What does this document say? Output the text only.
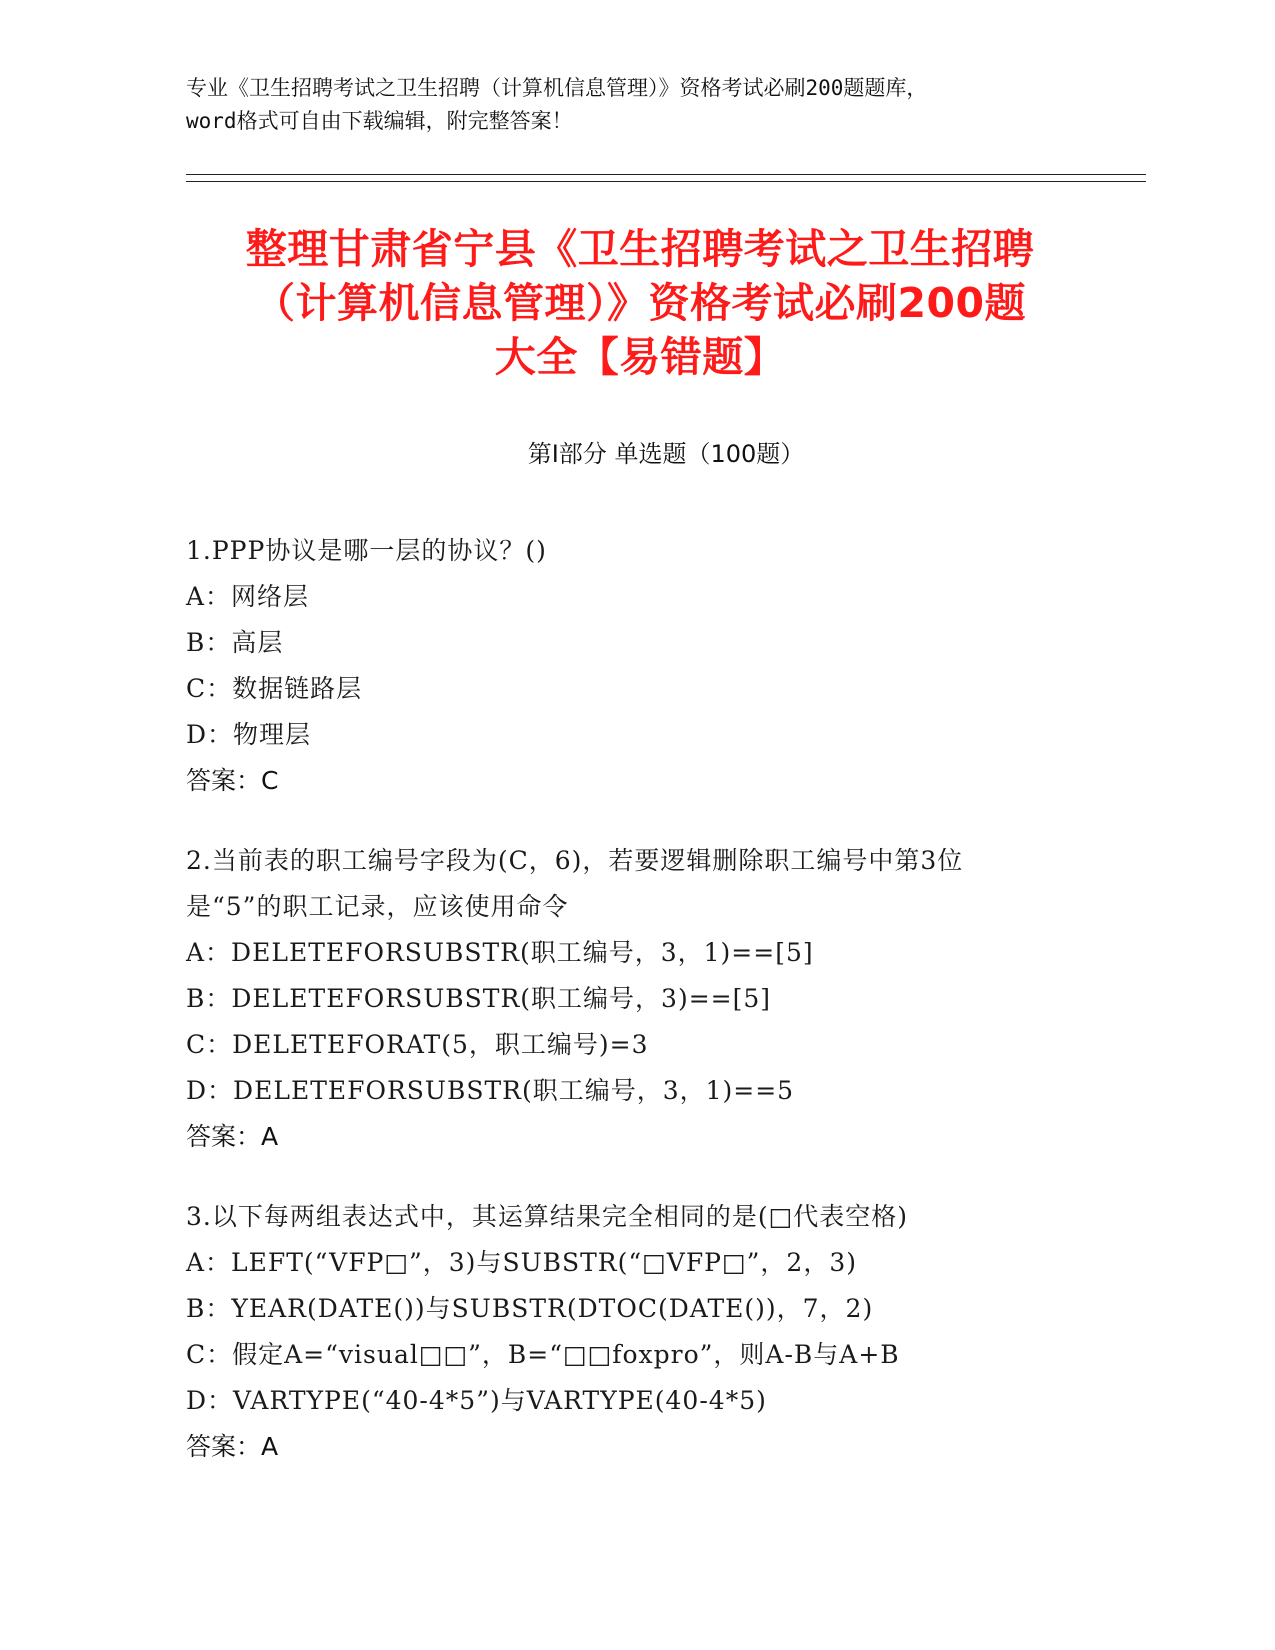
专业《卫生招聘考试之卫生招聘（计算机信息管理）》资格考试必刷200题题库，
word格式可自由下载编辑，附完整答案！
整理甘肃省宁县《卫生招聘考试之卫生招聘
（计算机信息管理）》资格考试必刷200题
大全【易错题】
第Ⅰ部分 单选题（100题）
1.PPP协议是哪一层的协议？()
A：网络层
B：高层
C：数据链路层
D：物理层
答案：C
2.当前表的职工编号字段为(C，6)，若要逻辑删除职工编号中第3位
是“5”的职工记录，应该使用命令
A：DELETEFORSUBSTR(职工编号，3，1)==[5]
B：DELETEFORSUBSTR(职工编号，3)==[5]
C：DELETEFORAT(5，职工编号)=3
D：DELETEFORSUBSTR(职工编号，3，1)==5
答案：A
3.以下每两组表达式中，其运算结果完全相同的是(□代表空格)
A：LEFT(“VFP□”，3)与SUBSTR(“□VFP□”，2，3)
B：YEAR(DATE())与SUBSTR(DTOC(DATE())，7，2)
C：假定A=“visual□□”，B=“□□foxpro”，则A-B与A+B
D：VARTYPE(“40-4*5”)与VARTYPE(40-4*5)
答案：A
